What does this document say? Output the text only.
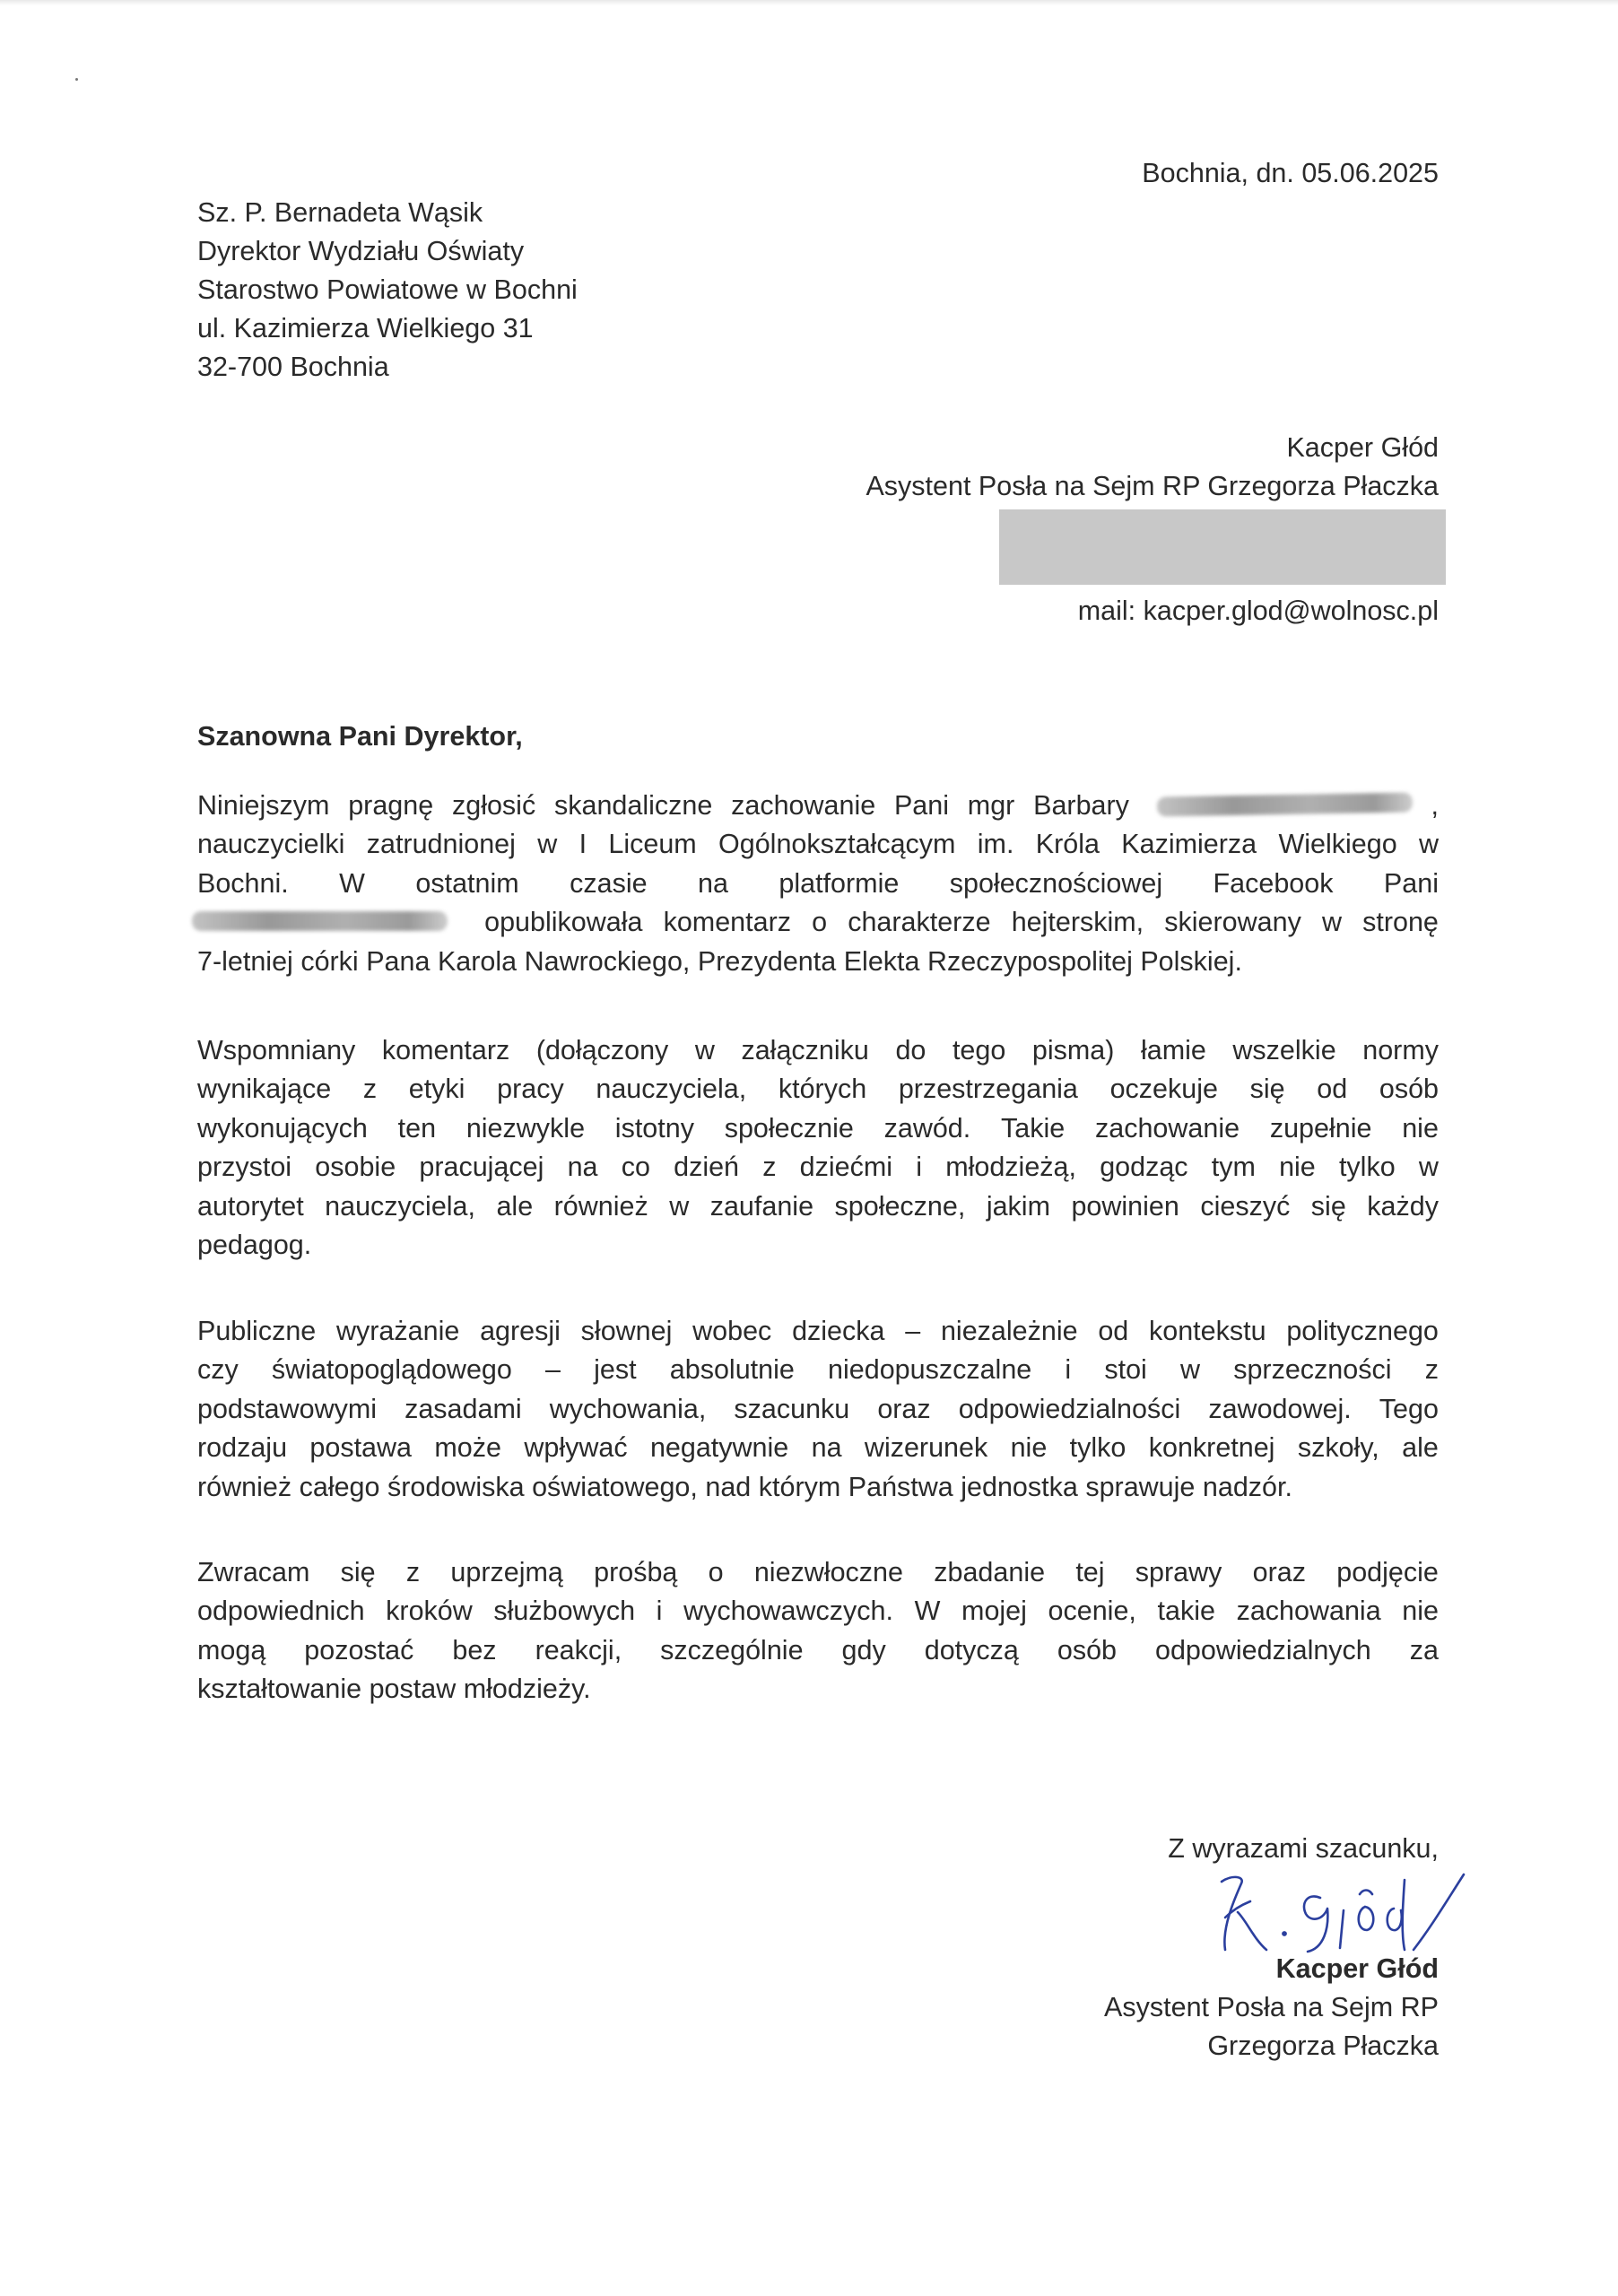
Bochnia, dn. 05.06.2025
Sz. P. Bernadeta Wąsik
Dyrektor Wydziału Oświaty
Starostwo Powiatowe w Bochni
ul. Kazimierza Wielkiego 31
32-700 Bochnia
Kacper Głód
Asystent Posła na Sejm RP Grzegorza Płaczka
mail: kacper.glod@wolnosc.pl
Szanowna Pani Dyrektor,
Niniejszym pragnę zgłosić skandaliczne zachowanie Pani mgr Barbary	,
nauczycielki zatrudnionej w I Liceum Ogólnokształcącym im. Króla Kazimierza Wielkiego w
Bochni. W ostatnim czasie na platformie społecznościowej Facebook Pani
opublikowała komentarz o charakterze hejterskim, skierowany w stronę
7-letniej córki Pana Karola Nawrockiego, Prezydenta Elekta Rzeczypospolitej Polskiej.
Wspomniany komentarz (dołączony w załączniku do tego pisma) łamie wszelkie normy
wynikające z etyki pracy nauczyciela, których przestrzegania oczekuje się od osób
wykonujących ten niezwykle istotny społecznie zawód. Takie zachowanie zupełnie nie
przystoi osobie pracującej na co dzień z dziećmi i młodzieżą, godząc tym nie tylko w
autorytet nauczyciela, ale również w zaufanie społeczne, jakim powinien cieszyć się każdy
pedagog.
Publiczne wyrażanie agresji słownej wobec dziecka – niezależnie od kontekstu politycznego
czy światopoglądowego – jest absolutnie niedopuszczalne i stoi w sprzeczności z
podstawowymi zasadami wychowania, szacunku oraz odpowiedzialności zawodowej. Tego
rodzaju postawa może wpływać negatywnie na wizerunek nie tylko konkretnej szkoły, ale
również całego środowiska oświatowego, nad którym Państwa jednostka sprawuje nadzór.
Zwracam się z uprzejmą prośbą o niezwłoczne zbadanie tej sprawy oraz podjęcie
odpowiednich kroków służbowych i wychowawczych. W mojej ocenie, takie zachowania nie
mogą pozostać bez reakcji, szczególnie gdy dotyczą osób odpowiedzialnych za
kształtowanie postaw młodzieży.
Z wyrazami szacunku,
Kacper Głód
Asystent Posła na Sejm RP
Grzegorza Płaczka
